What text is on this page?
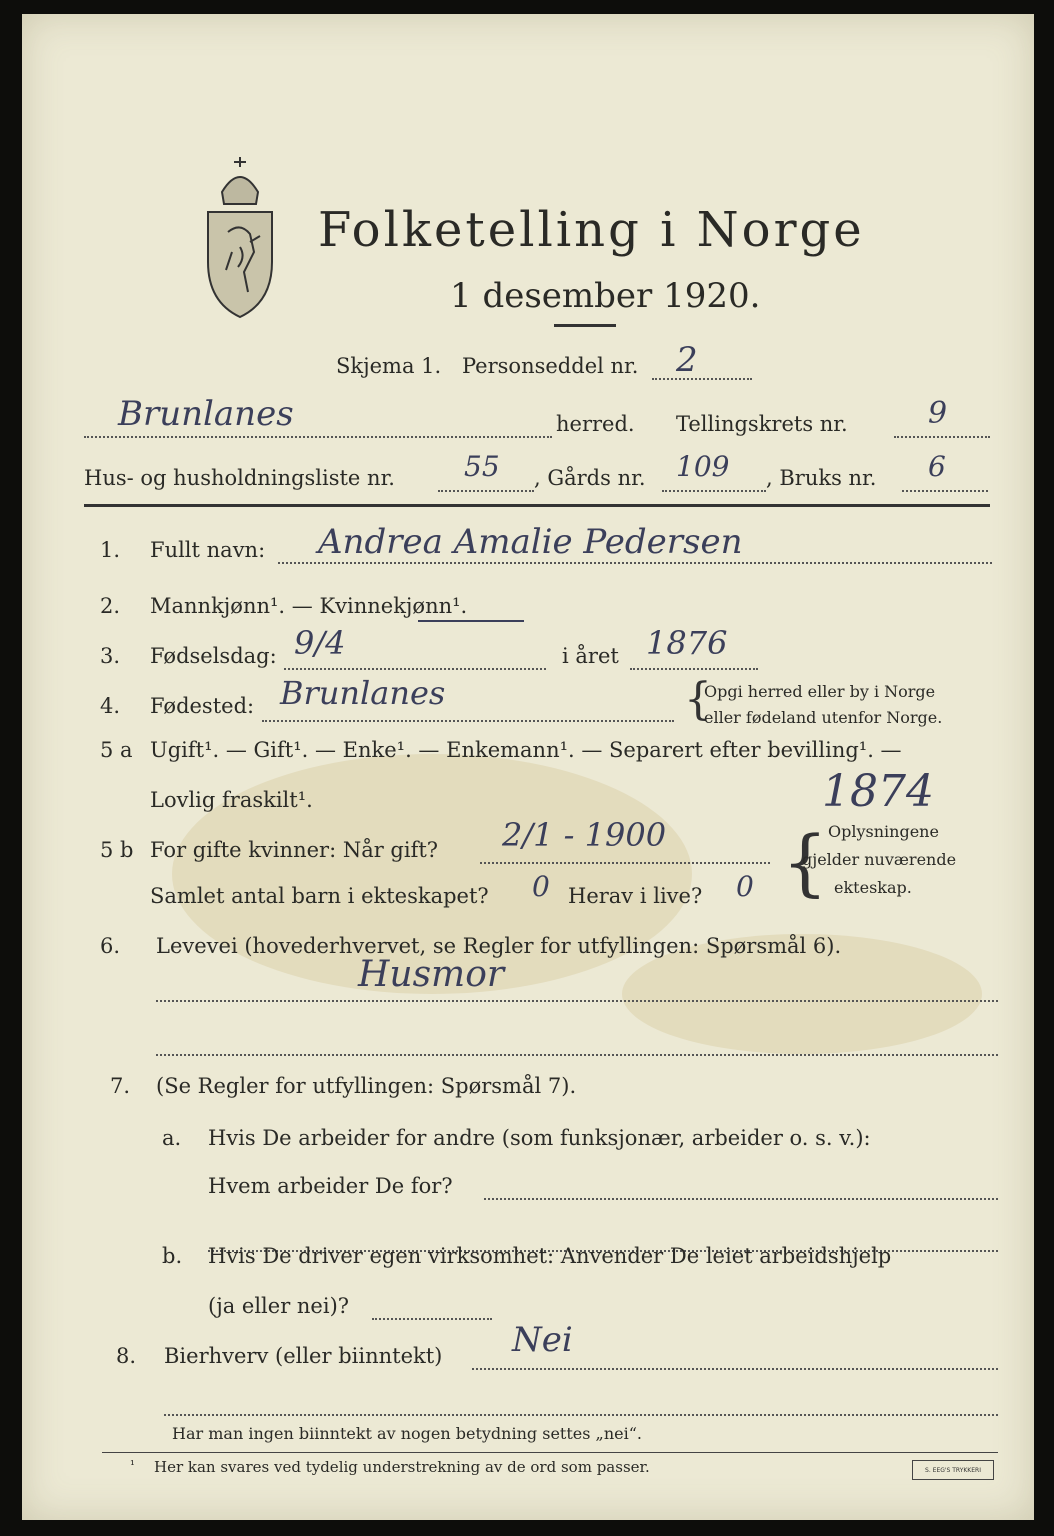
Folketelling i Norge
1 desember 1920.
Skjema 1. Personseddel nr. 2
Brunlanes	herred. Tellingskrets nr.	9
Hus- og husholdningsliste nr. 55 , Gårds nr. 109 , Bruks nr. 6
1. Fullt navn: Andrea Amalie Pedersen
2. Mannkjønn¹. — Kvinnekjønn¹.
3. Fødselsdag: 9/4	i året 1876
4. Fødested: Brunlanes	{
Opgi herred eller by i Norge
eller fødeland utenfor Norge.
5 a Ugift¹. — Gift¹. — Enke¹. — Enkemann¹. — Separert efter bevilling¹. —
Lovlig fraskilt¹.	1874
5 b For gifte kvinner: Når gift? 2/1 - 1900
Samlet antal barn i ekteskapet? 0 Herav i live? 0 { Oplysningene
gjelder nuværende
ekteskap.
6. Levevei (hovederhvervet, se Regler for utfyllingen: Spørsmål 6).
Husmor
7. (Se Regler for utfyllingen: Spørsmål 7).
a. Hvis De arbeider for andre (som funksjonær, arbeider o. s. v.):
Hvem arbeider De for?
b. Hvis De driver egen virksomhet: Anvender De leiet arbeidshjelp
(ja eller nei)?
8. Bierhverv (eller biinntekt) Nei
Har man ingen biinntekt av nogen betydning settes „nei“.
¹ Her kan svares ved tydelig understrekning av de ord som passer.	S. EEG'S TRYKKERI
